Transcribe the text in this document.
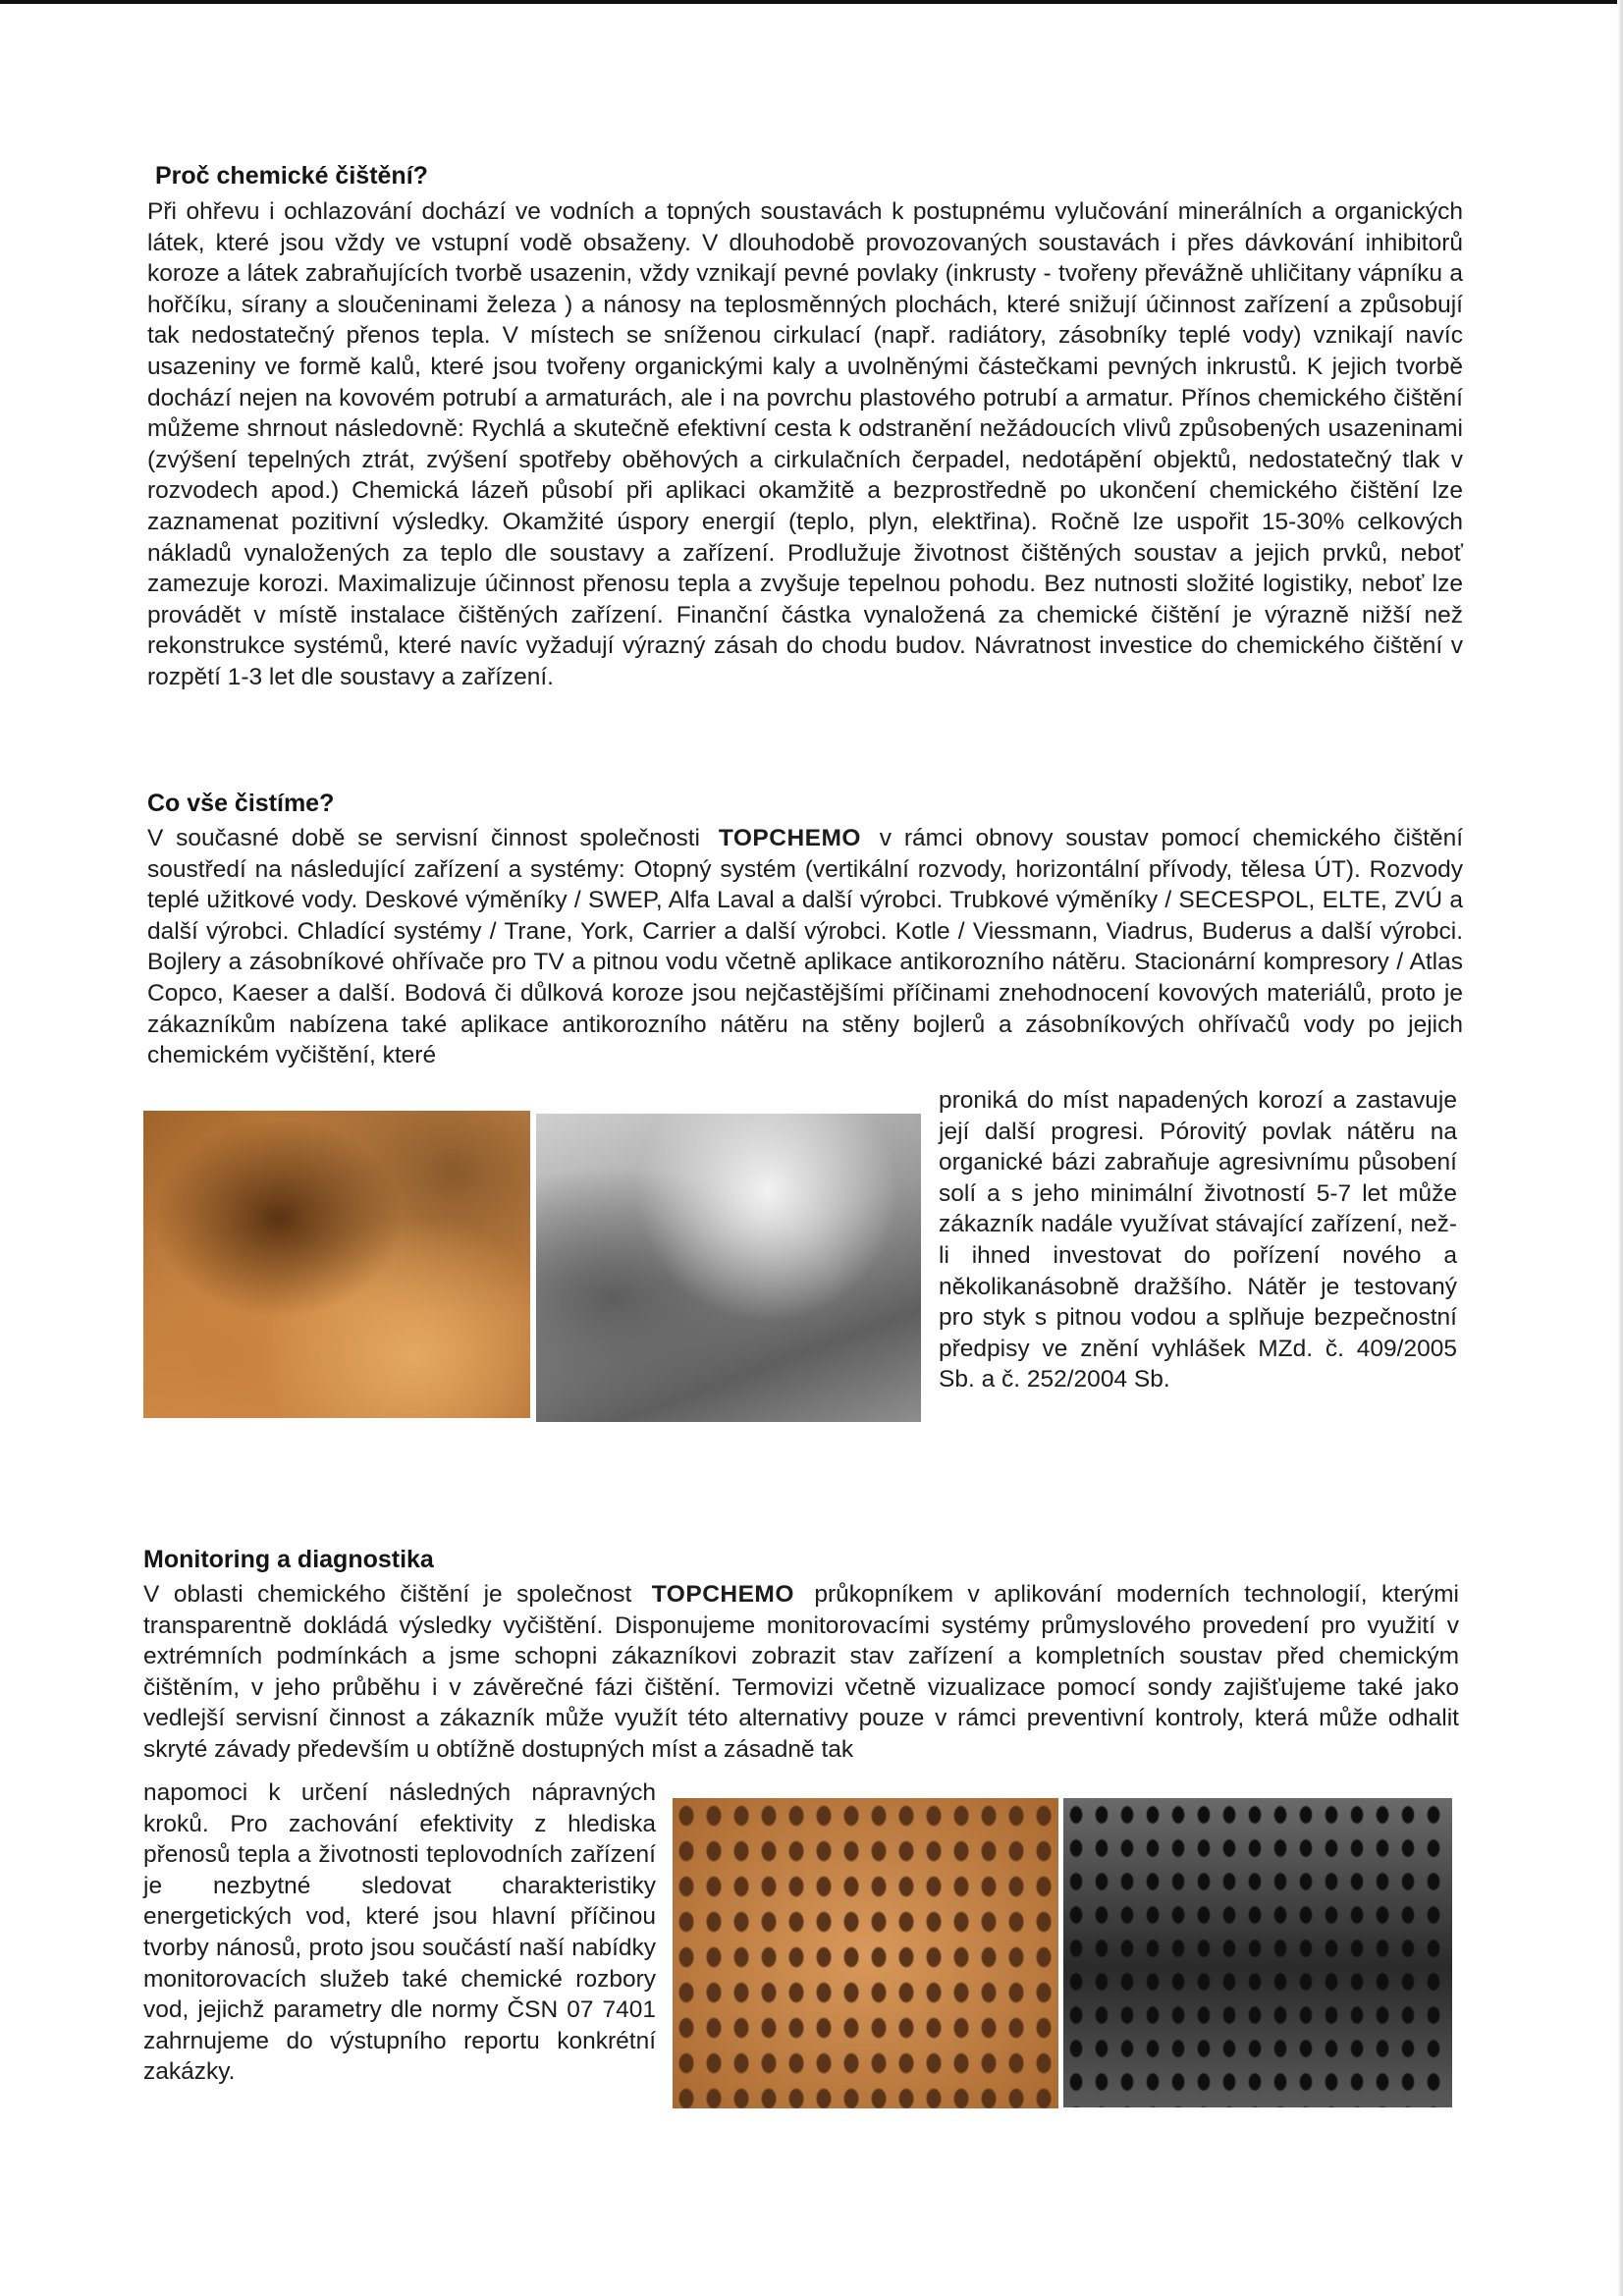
Proč chemické čištění?

Při ohřevu i ochlazování dochází ve vodních a topných soustavách k postupnému vylučování minerálních a organických látek, které jsou vždy ve vstupní vodě obsaženy. V dlouhodobě provozovaných soustavách i přes dávkování inhibitorů koroze a látek zabraňujících tvorbě usazenin, vždy vznikají pevné povlaky (inkrusty - tvořeny převážně uhličitany vápníku a hořčíku, sírany a sloučeninami železa ) a nánosy na teplosměnných plochách, které snižují účinnost zařízení a způsobují tak nedostatečný přenos tepla. V místech se sníženou cirkulací (např. radiátory, zásobníky teplé vody) vznikají navíc usazeniny ve formě kalů, které jsou tvořeny organickými kaly a uvolněnými částečkami pevných inkrustů. K jejich tvorbě dochází nejen na kovovém potrubí a armaturách, ale i na povrchu plastového potrubí a armatur. Přínos chemického čištění můžeme shrnout následovně: Rychlá a skutečně efektivní cesta k odstranění nežádoucích vlivů způsobených usazeninami (zvýšení tepelných ztrát, zvýšení spotřeby oběhových a cirkulačních čerpadel, nedotápění objektů, nedostatečný tlak v rozvodech apod.) Chemická lázeň působí při aplikaci okamžitě a bezprostředně po ukončení chemického čištění lze zaznamenat pozitivní výsledky. Okamžité úspory energií (teplo, plyn, elektřina). Ročně lze uspořit 15-30% celkových nákladů vynaložených za teplo dle soustavy a zařízení. Prodlužuje životnost čištěných soustav a jejich prvků, neboť zamezuje korozi. Maximalizuje účinnost přenosu tepla a zvyšuje tepelnou pohodu. Bez nutnosti složité logistiky, neboť lze provádět v místě instalace čištěných zařízení. Finanční částka vynaložená za chemické čištění je výrazně nižší než rekonstrukce systémů, které navíc vyžadují výrazný zásah do chodu budov. Návratnost investice do chemického čištění v rozpětí 1-3 let dle soustavy a zařízení.

Co vše čistíme?

V současné době se servisní činnost společnosti TOPCHEMO v rámci obnovy soustav pomocí chemického čištění soustředí na následující zařízení a systémy: Otopný systém (vertikální rozvody, horizontální přívody, tělesa ÚT). Rozvody teplé užitkové vody. Deskové výměníky / SWEP, Alfa Laval a další výrobci. Trubkové výměníky / SECESPOL, ELTE, ZVÚ a další výrobci. Chladící systémy / Trane, York, Carrier a další výrobci. Kotle / Viessmann, Viadrus, Buderus a další výrobci. Bojlery a zásobníkové ohřívače pro TV a pitnou vodu včetně aplikace antikorozního nátěru. Stacionární kompresory / Atlas Copco, Kaeser a další. Bodová či důlková koroze jsou nejčastějšími příčinami znehodnocení kovových materiálů, proto je zákazníkům nabízena také aplikace antikorozního nátěru na stěny bojlerů a zásobníkových ohřívačů vody po jejich chemickém vyčištění, které

proniká do míst napadených korozí a zastavuje její další progresi. Pórovitý povlak nátěru na organické bázi zabraňuje agresivnímu působení solí a s jeho minimální životností 5-7 let může zákazník nadále využívat stávající zařízení, než-li ihned investovat do pořízení nového a několikanásobně dražšího. Nátěr je testovaný pro styk s pitnou vodou a splňuje bezpečnostní předpisy ve znění vyhlášek MZd. č. 409/2005 Sb. a č. 252/2004 Sb.

Monitoring a diagnostika

V oblasti chemického čištění je společnost TOPCHEMO průkopníkem v aplikování moderních technologií, kterými transparentně dokládá výsledky vyčištění. Disponujeme monitorovacími systémy průmyslového provedení pro využití v extrémních podmínkách a jsme schopni zákazníkovi zobrazit stav zařízení a kompletních soustav před chemickým čištěním, v jeho průběhu i v závěrečné fázi čištění. Termovizi včetně vizualizace pomocí sondy zajišťujeme také jako vedlejší servisní činnost a zákazník může využít této alternativy pouze v rámci preventivní kontroly, která může odhalit skryté závady především u obtížně dostupných míst a zásadně tak

napomoci k určení následných nápravných kroků. Pro zachování efektivity z hlediska přenosů tepla a životnosti teplovodních zařízení je nezbytné sledovat charakteristiky energetických vod, které jsou hlavní příčinou tvorby nánosů, proto jsou součástí naší nabídky monitorovacích služeb také chemické rozbory vod, jejichž parametry dle normy ČSN 07 7401 zahrnujeme do výstupního reportu konkrétní zakázky.
